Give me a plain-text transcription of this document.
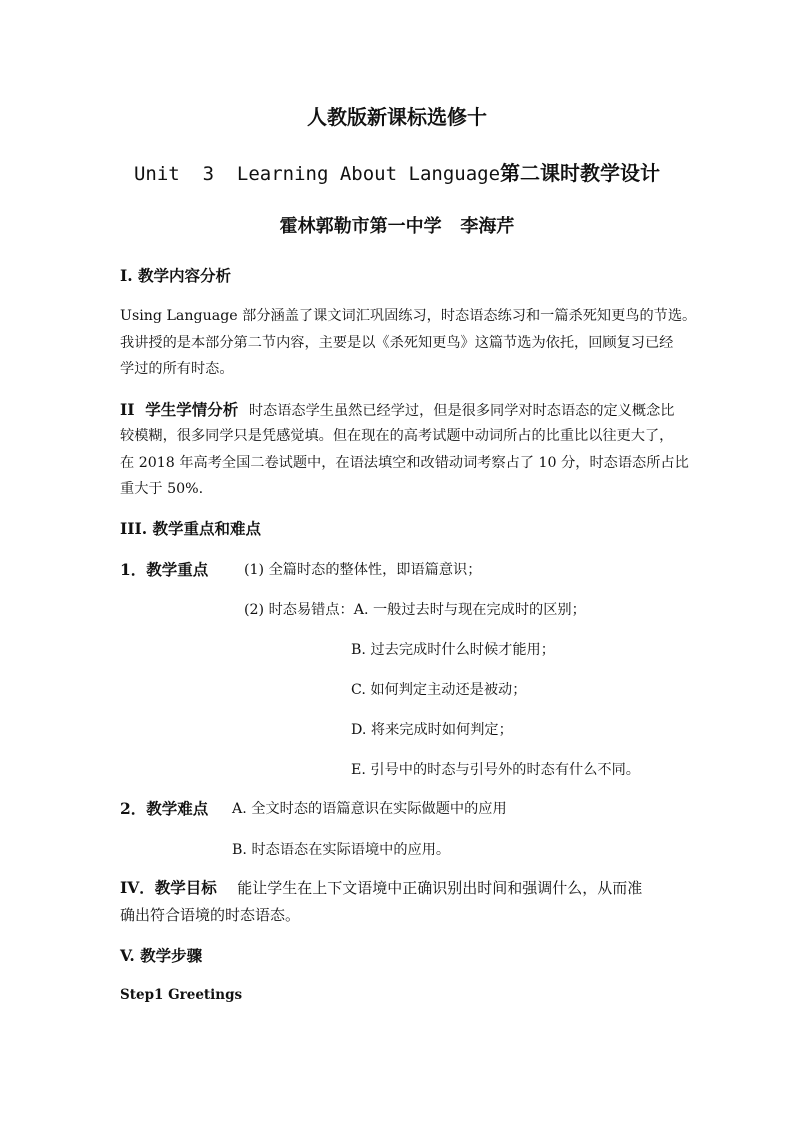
人教版新课标选修十
Unit  3  Learning About Language第二课时教学设计
霍林郭勒市第一中学   李海芹
I. 教学内容分析
Using Language 部分涵盖了课文词汇巩固练习，时态语态练习和一篇杀死知更鸟的节选。
我讲授的是本部分第二节内容，主要是以《杀死知更鸟》这篇节选为依托，回顾复习已经
学过的所有时态。
II  学生学情分析 时态语态学生虽然已经学过，但是很多同学对时态语态的定义概念比
较模糊，很多同学只是凭感觉填。但在现在的高考试题中动词所占的比重比以往更大了，
在 2018 年高考全国二卷试题中，在语法填空和改错动词考察占了 10 分，时态语态所占比
重大于 50%.
III. 教学重点和难点
1．教学重点	(1) 全篇时态的整体性，即语篇意识；
(2) 时态易错点：A. 一般过去时与现在完成时的区别；
B. 过去完成时什么时候才能用；
C. 如何判定主动还是被动；
D. 将来完成时如何判定；
E. 引号中的时态与引号外的时态有什么不同。
2．教学难点 A. 全文时态的语篇意识在实际做题中的应用
B. 时态语态在实际语境中的应用。
IV．教学目标 能让学生在上下文语境中正确识别出时间和强调什么，从而准
确出符合语境的时态语态。
V. 教学步骤
Step1 Greetings
